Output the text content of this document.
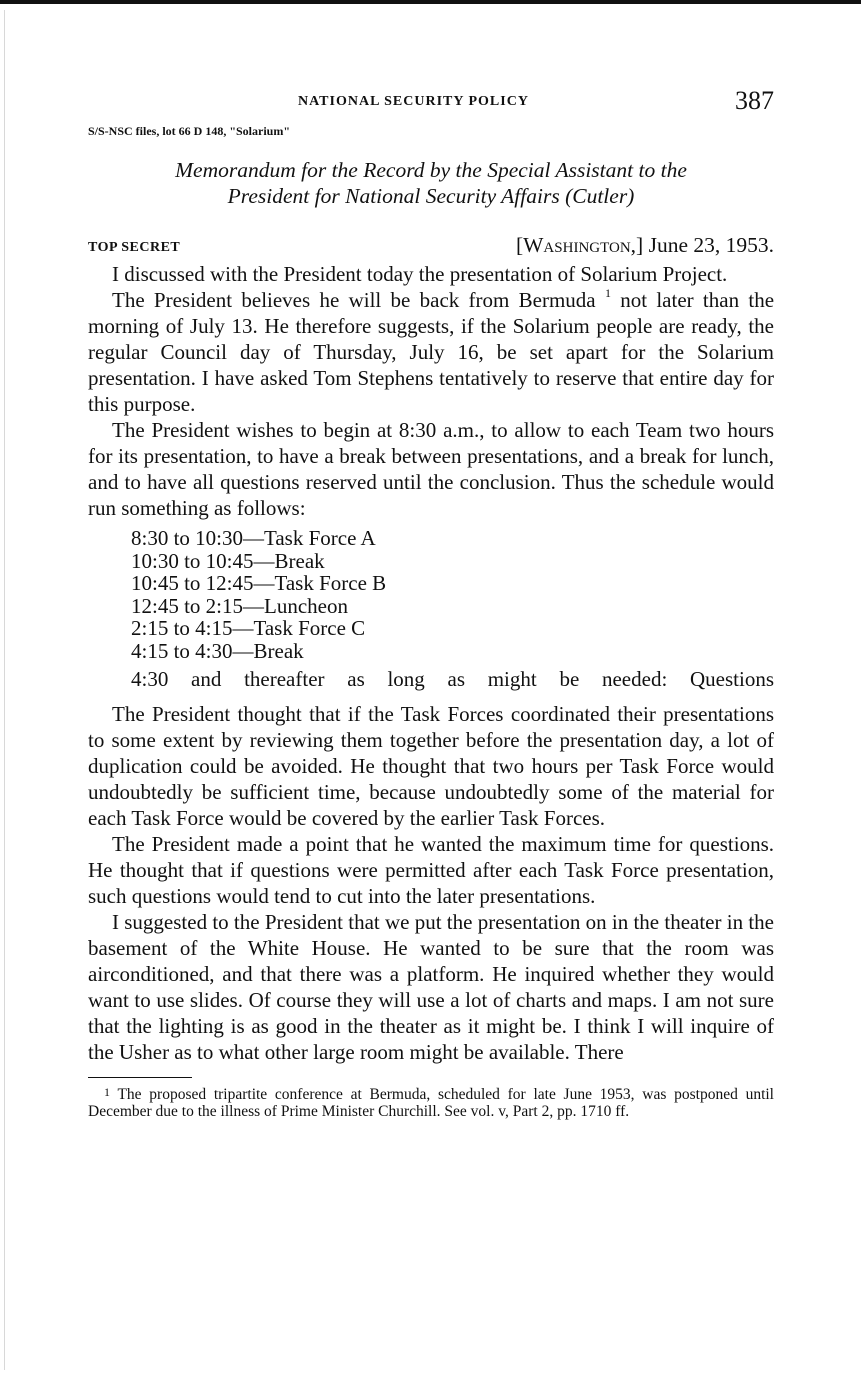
NATIONAL SECURITY POLICY	387
S/S-NSC files, lot 66 D 148, "Solarium"
Memorandum for the Record by the Special Assistant to the
President for National Security Affairs (Cutler)
TOP SECRET	[Washington,] June 23, 1953.

I discussed with the President today the presentation of Solarium Project.

The President believes he will be back from Bermuda $^1$ not later than the morning of July 13. He therefore suggests, if the Solarium people are ready, the regular Council day of Thursday, July 16, be set apart for the Solarium presentation. I have asked Tom Stephens tentatively to reserve that entire day for this purpose.

The President wishes to begin at 8:30 a.m., to allow to each Team two hours for its presentation, to have a break between presentations, and a break for lunch, and to have all questions reserved until the conclusion. Thus the schedule would run something as follows:

8:30 to 10:30—Task Force A
10:30 to 10:45—Break
10:45 to 12:45—Task Force B
12:45 to 2:15—Luncheon
2:15 to 4:15—Task Force C
4:15 to 4:30—Break
4:30 and thereafter as long as might be needed: Questions

The President thought that if the Task Forces coordinated their presentations to some extent by reviewing them together before the presentation day, a lot of duplication could be avoided. He thought that two hours per Task Force would undoubtedly be sufficient time, because undoubtedly some of the material for each Task Force would be covered by the earlier Task Forces.

The President made a point that he wanted the maximum time for questions. He thought that if questions were permitted after each Task Force presentation, such questions would tend to cut into the later presentations.

I suggested to the President that we put the presentation on in the theater in the basement of the White House. He wanted to be sure that the room was airconditioned, and that there was a platform. He inquired whether they would want to use slides. Of course they will use a lot of charts and maps. I am not sure that the lighting is as good in the theater as it might be. I think I will inquire of the Usher as to what other large room might be available. There

$^1$ The proposed tripartite conference at Bermuda, scheduled for late June 1953, was postponed until December due to the illness of Prime Minister Churchill. See vol. v, Part 2, pp. 1710 ff.
